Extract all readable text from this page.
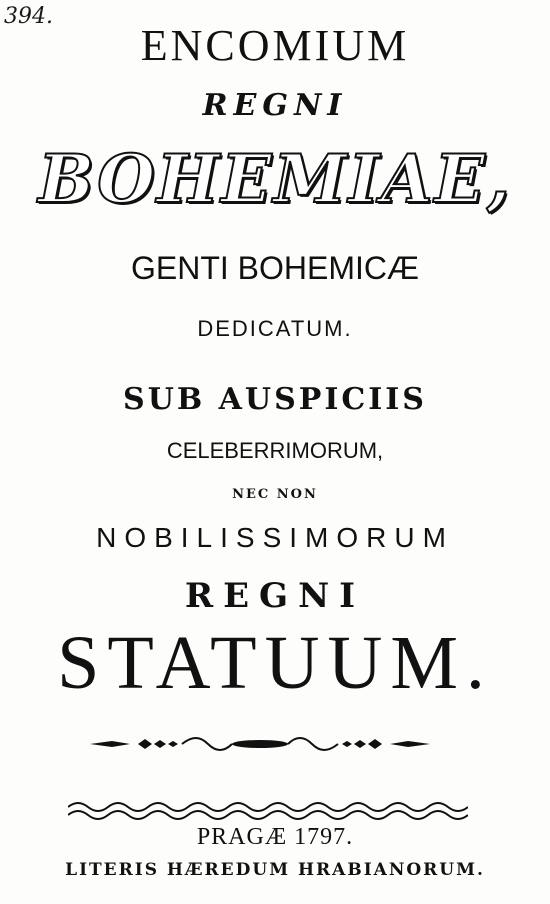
394.
ENCOMIUM
REGNI
BOHEMIAE,
GENTI BOHEMICÆ
DEDICATUM.
SUB AUSPICIIS
CELEBERRIMORUM,
NEC NON
NOBILISSIMORUM
REGNI
STATUUM.
PRAGÆ 1797.
LITERIS HÆREDUM HRABIANORUM.
